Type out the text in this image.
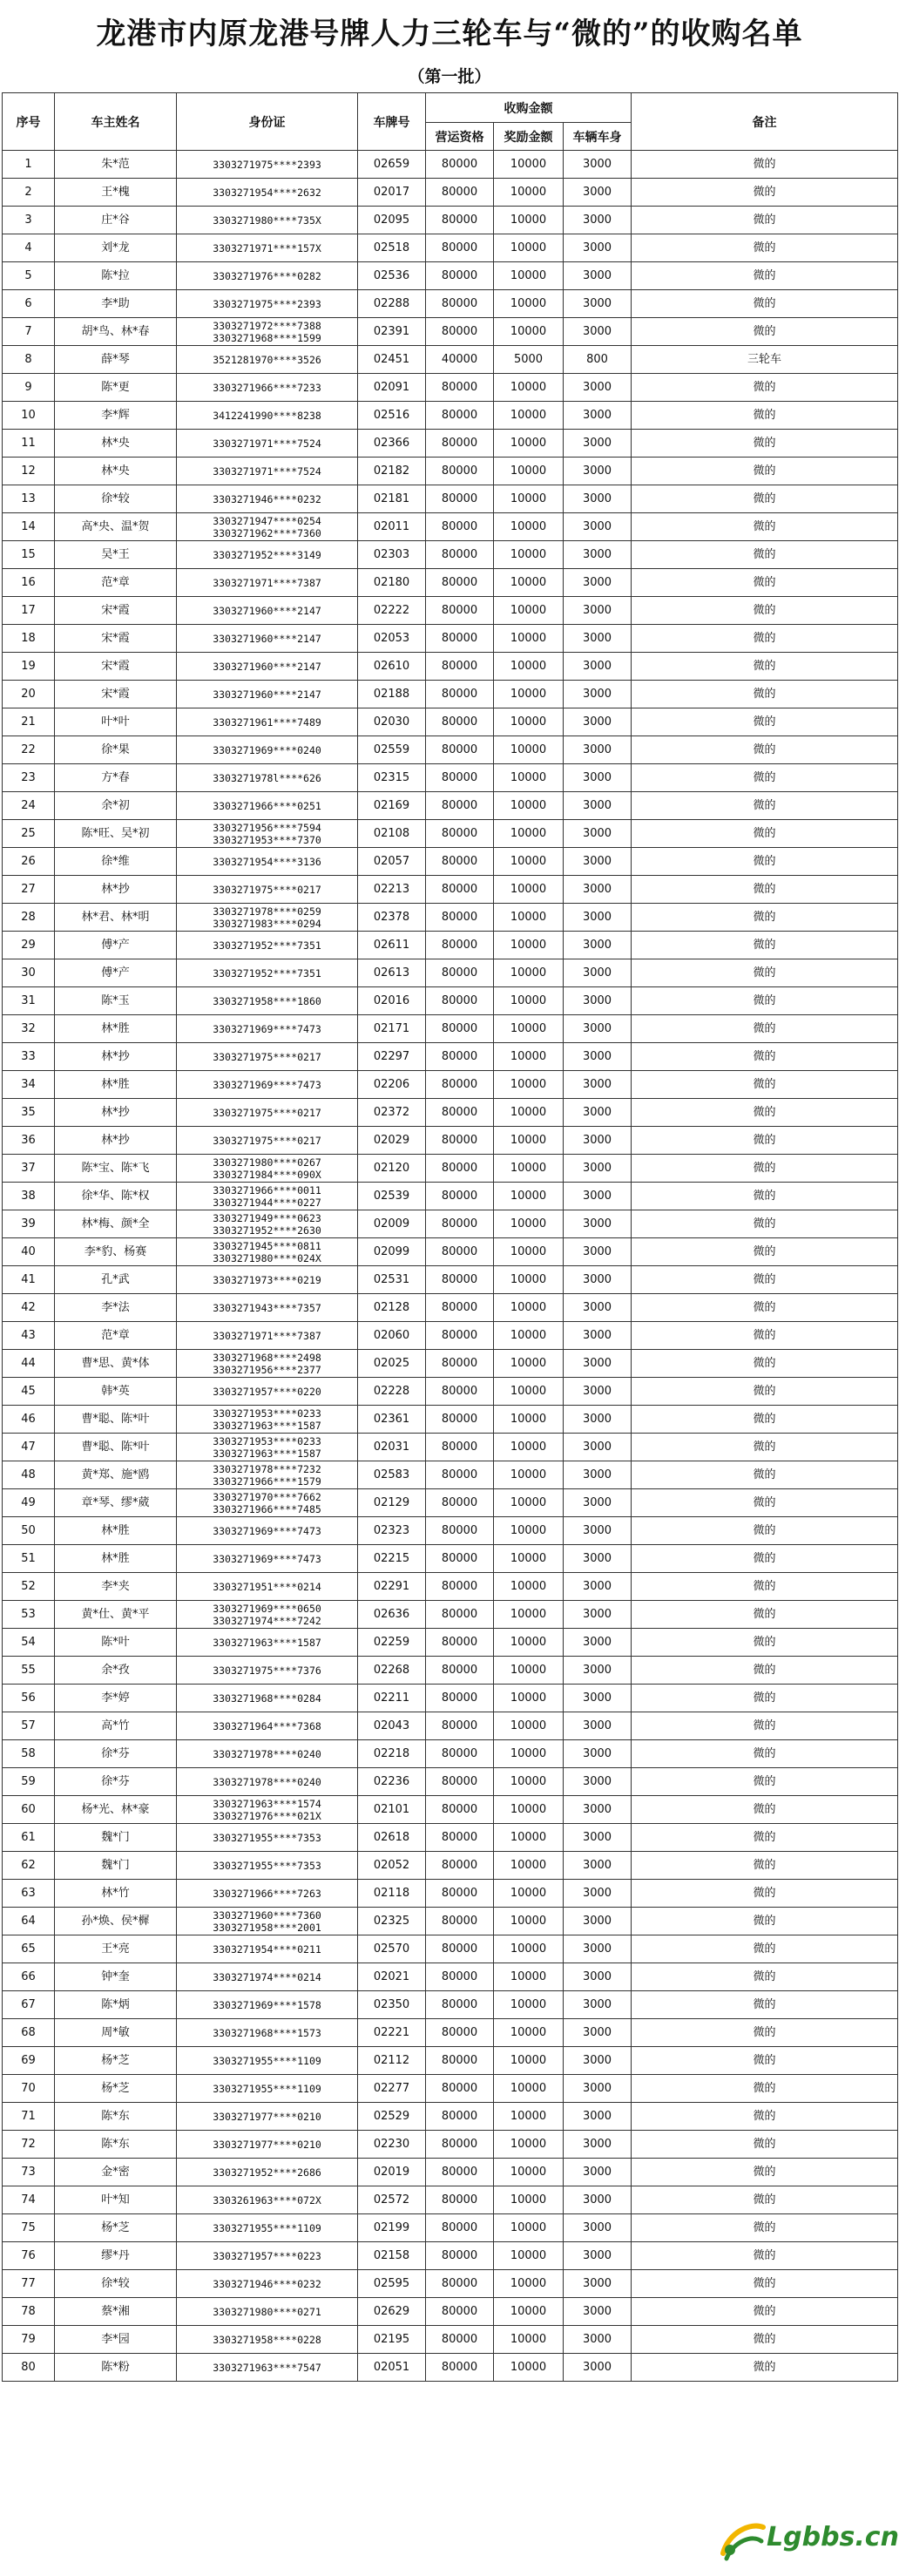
龙港市内原龙港号牌人力三轮车与“微的”的收购名单
（第一批）
序号	车主姓名	身份证	车牌号	收购金额			备注
				营运资格	奖励金额	车辆车身	
1	朱*范	3303271975****2393	02659	80000	10000	3000	微的
2	王*槐	3303271954****2632	02017	80000	10000	3000	微的
3	庄*谷	3303271980****735X	02095	80000	10000	3000	微的
4	刘*龙	3303271971****157X	02518	80000	10000	3000	微的
5	陈*拉	3303271976****0282	02536	80000	10000	3000	微的
6	李*助	3303271975****2393	02288	80000	10000	3000	微的
7	胡*鸟、林*春	3303271972****7388
3303271968****1599	02391	80000	10000	3000	微的
8	薛*琴	3521281970****3526	02451	40000	5000	800	三轮车
9	陈*更	3303271966****7233	02091	80000	10000	3000	微的
10	李*辉	3412241990****8238	02516	80000	10000	3000	微的
11	林*央	3303271971****7524	02366	80000	10000	3000	微的
12	林*央	3303271971****7524	02182	80000	10000	3000	微的
13	徐*较	3303271946****0232	02181	80000	10000	3000	微的
14	高*央、温*贺	3303271947****0254
3303271962****7360	02011	80000	10000	3000	微的
15	吴*王	3303271952****3149	02303	80000	10000	3000	微的
16	范*章	3303271971****7387	02180	80000	10000	3000	微的
17	宋*霞	3303271960****2147	02222	80000	10000	3000	微的
18	宋*霞	3303271960****2147	02053	80000	10000	3000	微的
19	宋*霞	3303271960****2147	02610	80000	10000	3000	微的
20	宋*霞	3303271960****2147	02188	80000	10000	3000	微的
21	叶*叶	3303271961****7489	02030	80000	10000	3000	微的
22	徐*果	3303271969****0240	02559	80000	10000	3000	微的
23	方*春	3303271978l****626	02315	80000	10000	3000	微的
24	余*初	3303271966****0251	02169	80000	10000	3000	微的
25	陈*旺、吴*初	3303271956****7594
3303271953****7370	02108	80000	10000	3000	微的
26	徐*维	3303271954****3136	02057	80000	10000	3000	微的
27	林*抄	3303271975****0217	02213	80000	10000	3000	微的
28	林*君、林*明	3303271978****0259
3303271983****0294	02378	80000	10000	3000	微的
29	傅*产	3303271952****7351	02611	80000	10000	3000	微的
30	傅*产	3303271952****7351	02613	80000	10000	3000	微的
31	陈*玉	3303271958****1860	02016	80000	10000	3000	微的
32	林*胜	3303271969****7473	02171	80000	10000	3000	微的
33	林*抄	3303271975****0217	02297	80000	10000	3000	微的
34	林*胜	3303271969****7473	02206	80000	10000	3000	微的
35	林*抄	3303271975****0217	02372	80000	10000	3000	微的
36	林*抄	3303271975****0217	02029	80000	10000	3000	微的
37	陈*宝、陈*飞	3303271980****0267
3303271984****090X	02120	80000	10000	3000	微的
38	徐*华、陈*权	3303271966****0011
3303271944****0227	02539	80000	10000	3000	微的
39	林*梅、颜*全	3303271949****0623
3303271952****2630	02009	80000	10000	3000	微的
40	李*豹、杨赛	3303271945****0811
3303271980****024X	02099	80000	10000	3000	微的
41	孔*武	3303271973****0219	02531	80000	10000	3000	微的
42	李*法	3303271943****7357	02128	80000	10000	3000	微的
43	范*章	3303271971****7387	02060	80000	10000	3000	微的
44	曹*思、黄*体	3303271968****2498
3303271956****2377	02025	80000	10000	3000	微的
45	韩*英	3303271957****0220	02228	80000	10000	3000	微的
46	曹*聪、陈*叶	3303271953****0233
3303271963****1587	02361	80000	10000	3000	微的
47	曹*聪、陈*叶	3303271953****0233
3303271963****1587	02031	80000	10000	3000	微的
48	黄*郑、施*鸥	3303271978****7232
3303271966****1579	02583	80000	10000	3000	微的
49	章*琴、缪*葳	3303271970****7662
3303271966****7485	02129	80000	10000	3000	微的
50	林*胜	3303271969****7473	02323	80000	10000	3000	微的
51	林*胜	3303271969****7473	02215	80000	10000	3000	微的
52	李*夹	3303271951****0214	02291	80000	10000	3000	微的
53	黄*仕、黄*平	3303271969****0650
3303271974****7242	02636	80000	10000	3000	微的
54	陈*叶	3303271963****1587	02259	80000	10000	3000	微的
55	余*孜	3303271975****7376	02268	80000	10000	3000	微的
56	李*婷	3303271968****0284	02211	80000	10000	3000	微的
57	高*竹	3303271964****7368	02043	80000	10000	3000	微的
58	徐*芬	3303271978****0240	02218	80000	10000	3000	微的
59	徐*芬	3303271978****0240	02236	80000	10000	3000	微的
60	杨*光、林*豪	3303271963****1574
3303271976****021X	02101	80000	10000	3000	微的
61	魏*门	3303271955****7353	02618	80000	10000	3000	微的
62	魏*门	3303271955****7353	02052	80000	10000	3000	微的
63	林*竹	3303271966****7263	02118	80000	10000	3000	微的
64	孙*焕、侯*樨	3303271960****7360
3303271958****2001	02325	80000	10000	3000	微的
65	王*亮	3303271954****0211	02570	80000	10000	3000	微的
66	钟*奎	3303271974****0214	02021	80000	10000	3000	微的
67	陈*炳	3303271969****1578	02350	80000	10000	3000	微的
68	周*敏	3303271968****1573	02221	80000	10000	3000	微的
69	杨*芝	3303271955****1109	02112	80000	10000	3000	微的
70	杨*芝	3303271955****1109	02277	80000	10000	3000	微的
71	陈*东	3303271977****0210	02529	80000	10000	3000	微的
72	陈*东	3303271977****0210	02230	80000	10000	3000	微的
73	金*密	3303271952****2686	02019	80000	10000	3000	微的
74	叶*知	3303261963****072X	02572	80000	10000	3000	微的
75	杨*芝	3303271955****1109	02199	80000	10000	3000	微的
76	缪*丹	3303271957****0223	02158	80000	10000	3000	微的
77	徐*较	3303271946****0232	02595	80000	10000	3000	微的
78	蔡*湘	3303271980****0271	02629	80000	10000	3000	微的
79	李*园	3303271958****0228	02195	80000	10000	3000	微的
80	陈*粉	3303271963****7547	02051	80000	10000	3000	微的
Lgbbs.cn
